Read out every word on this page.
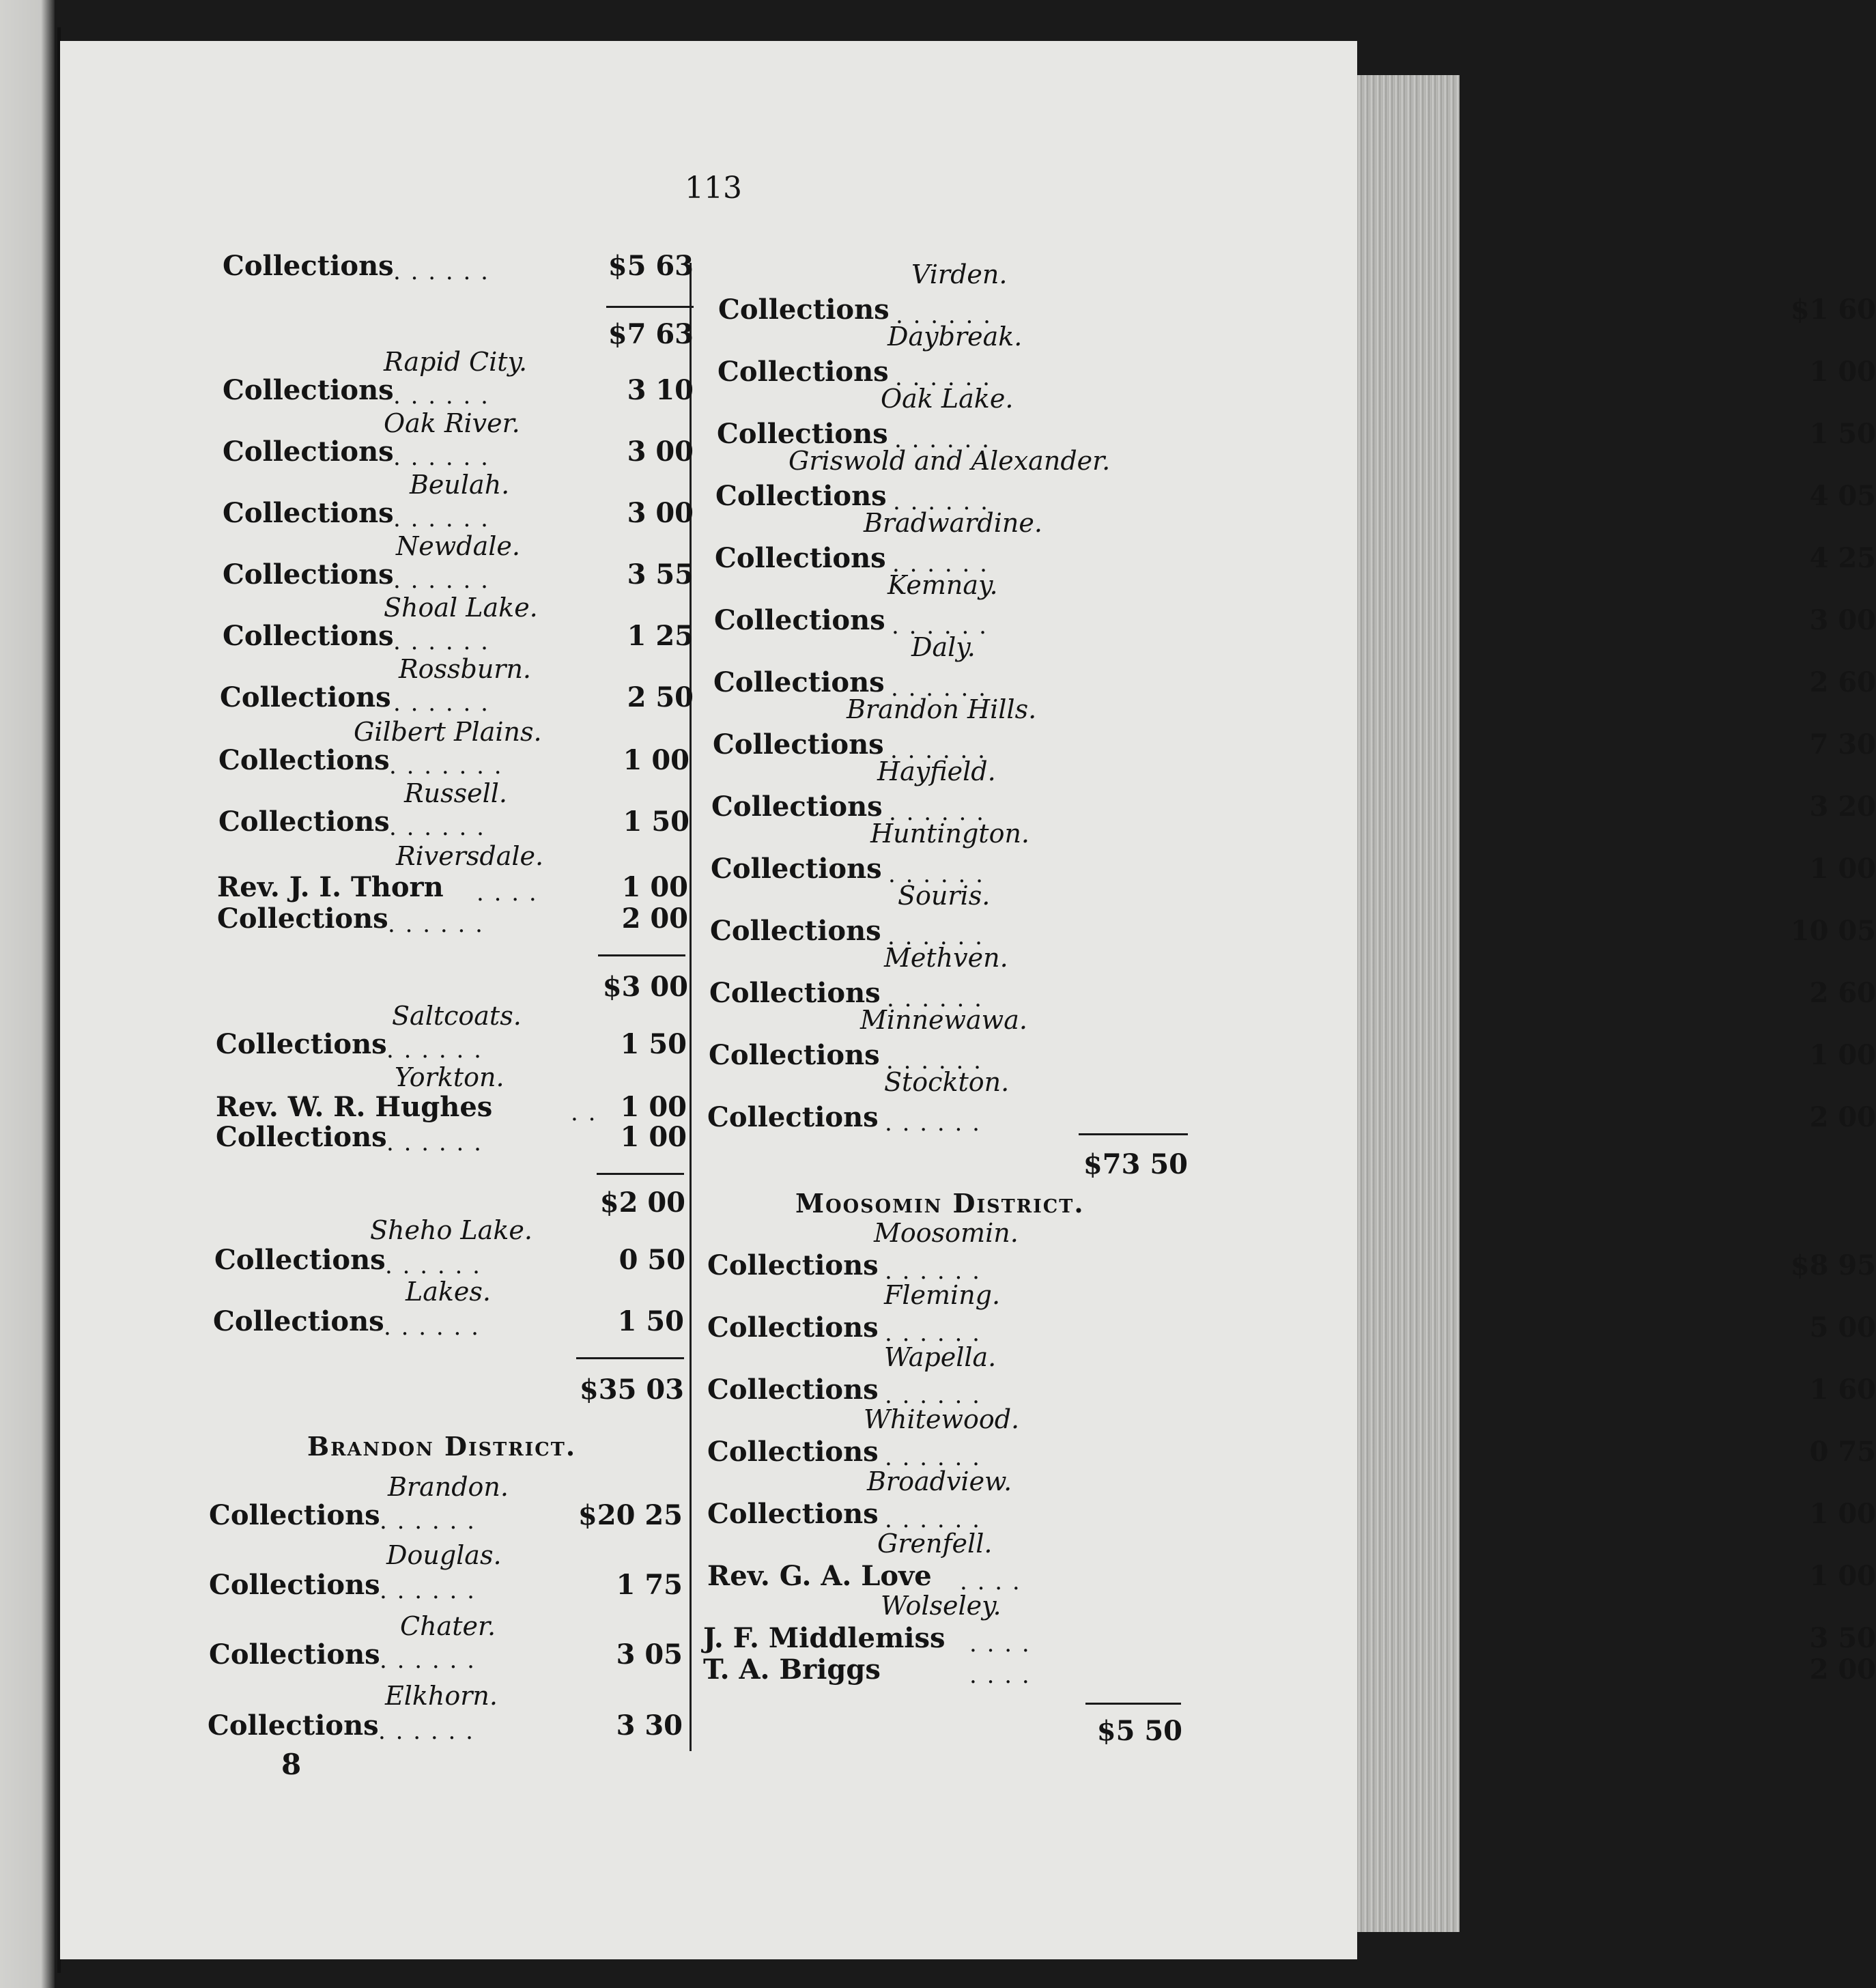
113
Collections . . . . . .	$5 63
$7 63
Rapid City.
Collections . . . . . .	3 10
Oak River.
Collections . . . . . .	3 00
Beulah.
Collections . . . . . .	3 00
Newdale.
Collections . . . . . .	3 55
Shoal Lake.
Collections . . . . . .	1 25
Rossburn.
Collections . . . . . .	2 50
Gilbert Plains.
Collections . . . . . . .	1 00
Russell.
Collections . . . . . .	1 50
Riversdale.
Rev. J. I. Thorn . . . .	1 00
Collections . . . . . .	2 00
$3 00
Saltcoats.
Collections . . . . . .	1 50
Yorkton.
Rev. W. R. Hughes	. . 1 00
Collections . . . . . .	1 00
$2 00
Sheho Lake.
Collections . . . . . .	0 50
Lakes.
Collections . . . . . .	1 50
$35 03
Brandon District.
Brandon.
Collections . . . . . .	$20 25
Douglas.
Collections . . . . . .	1 75
Chater.
Collections . . . . . .	3 05
Elkhorn.
Collections . . . . . .	3 30
8
Virden.
Collections . . . . . .	$1 60
Daybreak.
Collections . . . . . .	1 00
Oak Lake.
Collections . . . . . .	1 50
Griswold and Alexander.
Collections . . . . . .	4 05
Bradwardine.
Collections . . . . . .	4 25
Kemnay.
Collections . . . . . .	3 00
Daly.
Collections . . . . . .	2 60
Brandon Hills.
Collections . . . . . .	7 30
Hayfield.
Collections . . . . . .	3 20
Huntington.
Collections . . . . . .	1 00
Souris.
Collections . . . . . .	10 05
Methven.
Collections . . . . . .	2 60
Minnewawa.
Collections . . . . . .	1 00
Stockton.
Collections . . . . . .	2 00
$73 50
Moosomin District.
Moosomin.
Collections . . . . . .	$8 95
Fleming.
Collections . . . . . .	5 00
Wapella.
Collections . . . . . .	1 60
Whitewood.
Collections . . . . . .	0 75
Broadview.
Collections . . . . . .	1 00
Grenfell.
Rev. G. A. Love . . . .	1 00
Wolseley.
J. F. Middlemiss . . . .	3 50
T. A. Briggs	. . . .	2 00
$5 50
